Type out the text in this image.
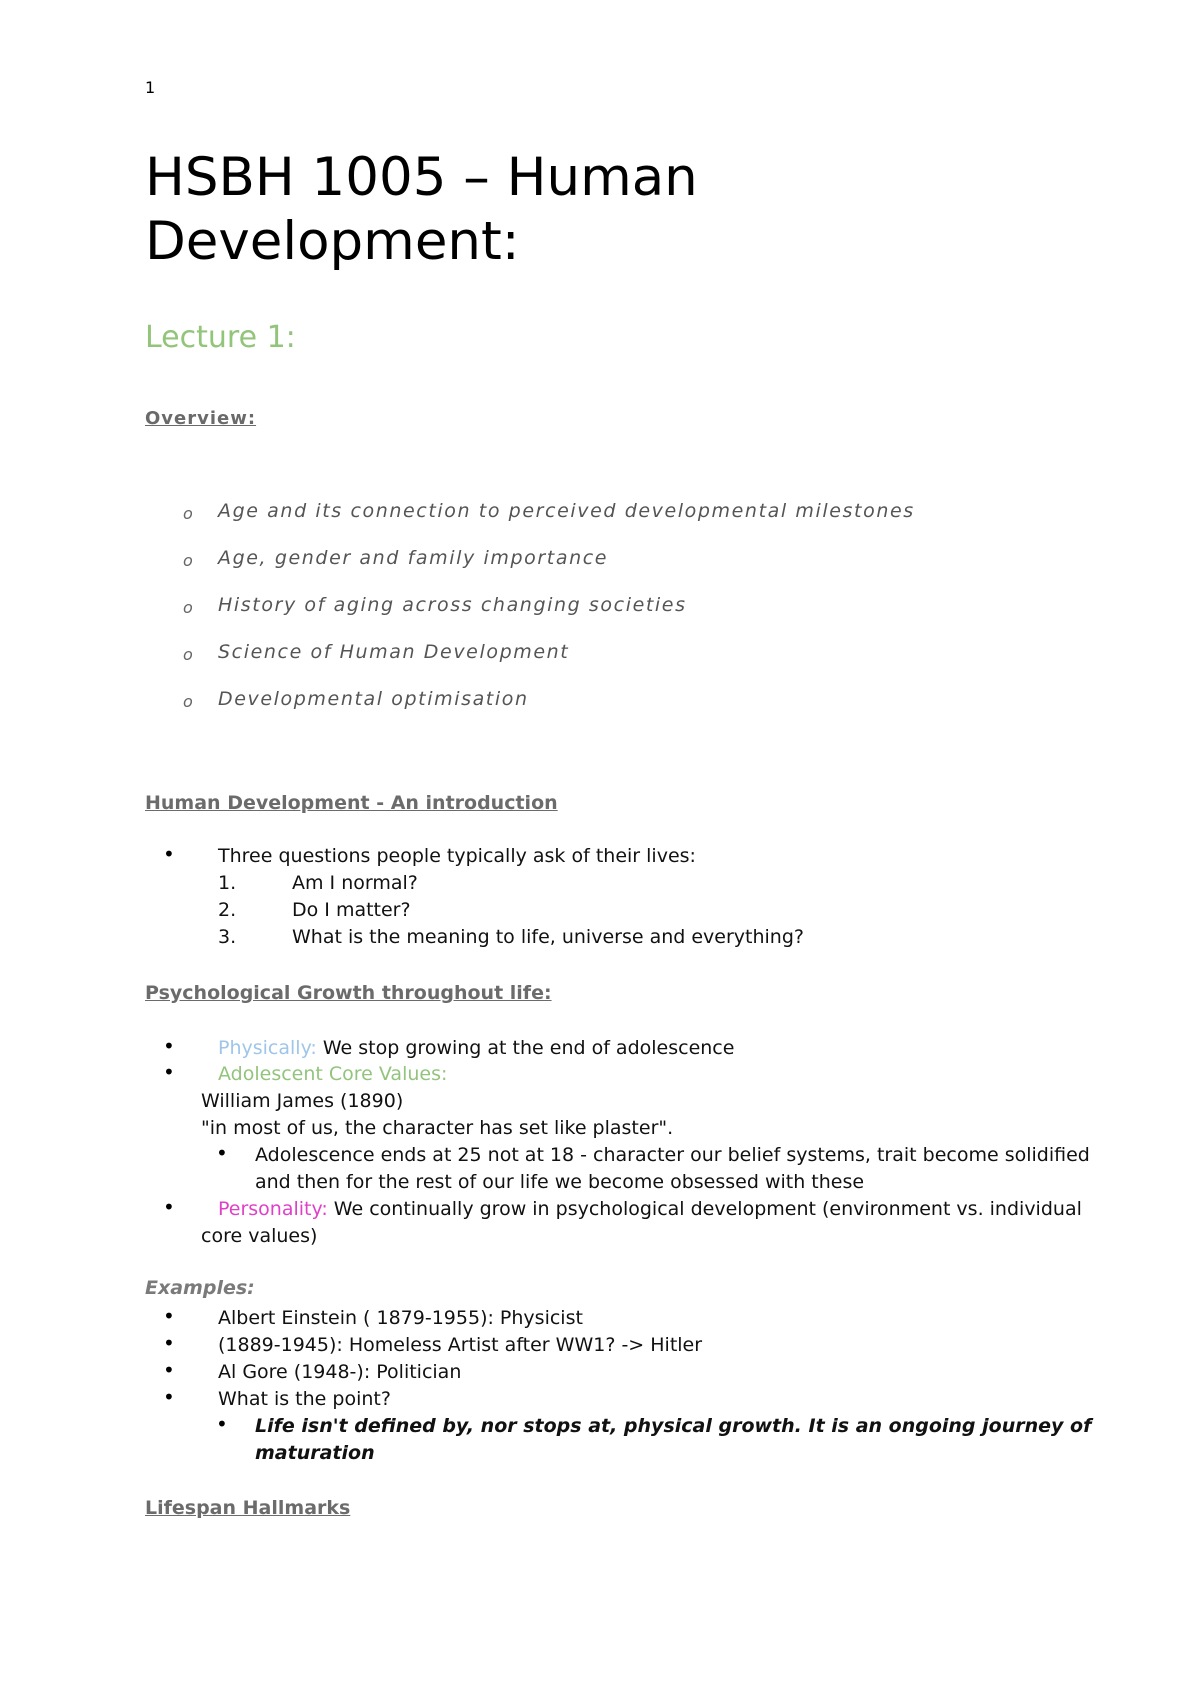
1
HSBH 1005 – Human Development:
Lecture 1:
Overview:
o Age and its connection to perceived developmental milestones
o Age, gender and family importance
o History of aging across changing societies
o Science of Human Development
o Developmental optimisation
Human Development - An introduction
• Three questions people typically ask of their lives:
1.	Am I normal?
2.	Do I matter?
3.	What is the meaning to life, universe and everything?
Psychological Growth throughout life:
• Physically: We stop growing at the end of adolescence
• Adolescent Core Values:
William James (1890)
"in most of us, the character has set like plaster".
• Adolescence ends at 25 not at 18 - character our belief systems, trait become solidified
and then for the rest of our life we become obsessed with these
• Personality: We continually grow in psychological development (environment vs. individual
core values)
Examples:
• Albert Einstein ( 1879-1955): Physicist
• (1889-1945): Homeless Artist after WW1? -> Hitler
• Al Gore (1948-): Politician
• What is the point?
• Life isn't defined by, nor stops at, physical growth. It is an ongoing journey of
maturation
Lifespan Hallmarks
